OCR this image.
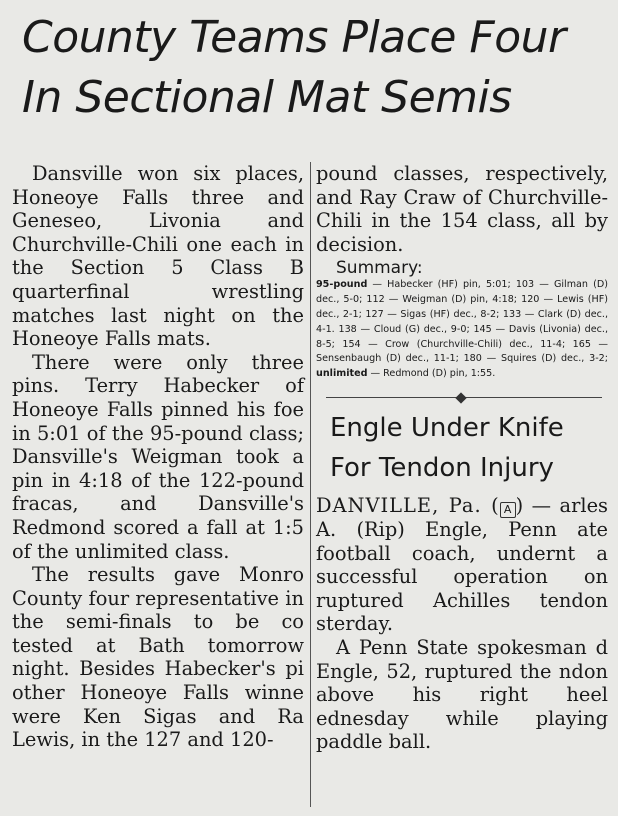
County Teams Place Four
In Sectional Mat Semis

Dansville won six places, Honeoye Falls three and Geneseo, Livonia and Churchville-Chili one each in the Section 5 Class B quarterfinal wrestling matches last night on the Honeoye Falls mats.

There were only three pins. Terry Habecker of Honeoye Falls pinned his foe in 5:01 of the 95-pound class; Dansville's Weigman took a pin in 4:18 of the 122-pound fracas, and Dansville's Redmond scored a fall at 1:5 of the unlimited class.

The results gave Monro County four representative in the semi-finals to be co tested at Bath tomorrow night. Besides Habecker's pi other Honeoye Falls winne were Ken Sigas and Ra Lewis, in the 127 and 120-

pound classes, respectively, and Ray Craw of Churchville-Chili in the 154 class, all by decision.

Summary:

95-pound — Habecker (HF) pin, 5:01; 103 — Gilman (D) dec., 5-0; 112 — Weigman (D) pin, 4:18; 120 — Lewis (HF) dec., 2-1; 127 — Sigas (HF) dec., 8-2; 133 — Clark (D) dec., 4-1. 138 — Cloud (G) dec., 9-0; 145 — Davis (Livonia) dec., 8-5; 154 — Crow (Churchville-Chili) dec., 11-4; 165 — Sensenbaugh (D) dec., 11-1; 180 — Squires (D) dec., 3-2; unlimited — Redmond (D) pin, 1:55.

Engle Under Knife
For Tendon Injury

DANVILLE, Pa. ( A ) — arles A. (Rip) Engle, Penn ate football coach, undernt a successful operation on ruptured Achilles tendon sterday.

A Penn State spokesman d Engle, 52, ruptured the ndon above his right heel ednesday while playing paddle ball.
